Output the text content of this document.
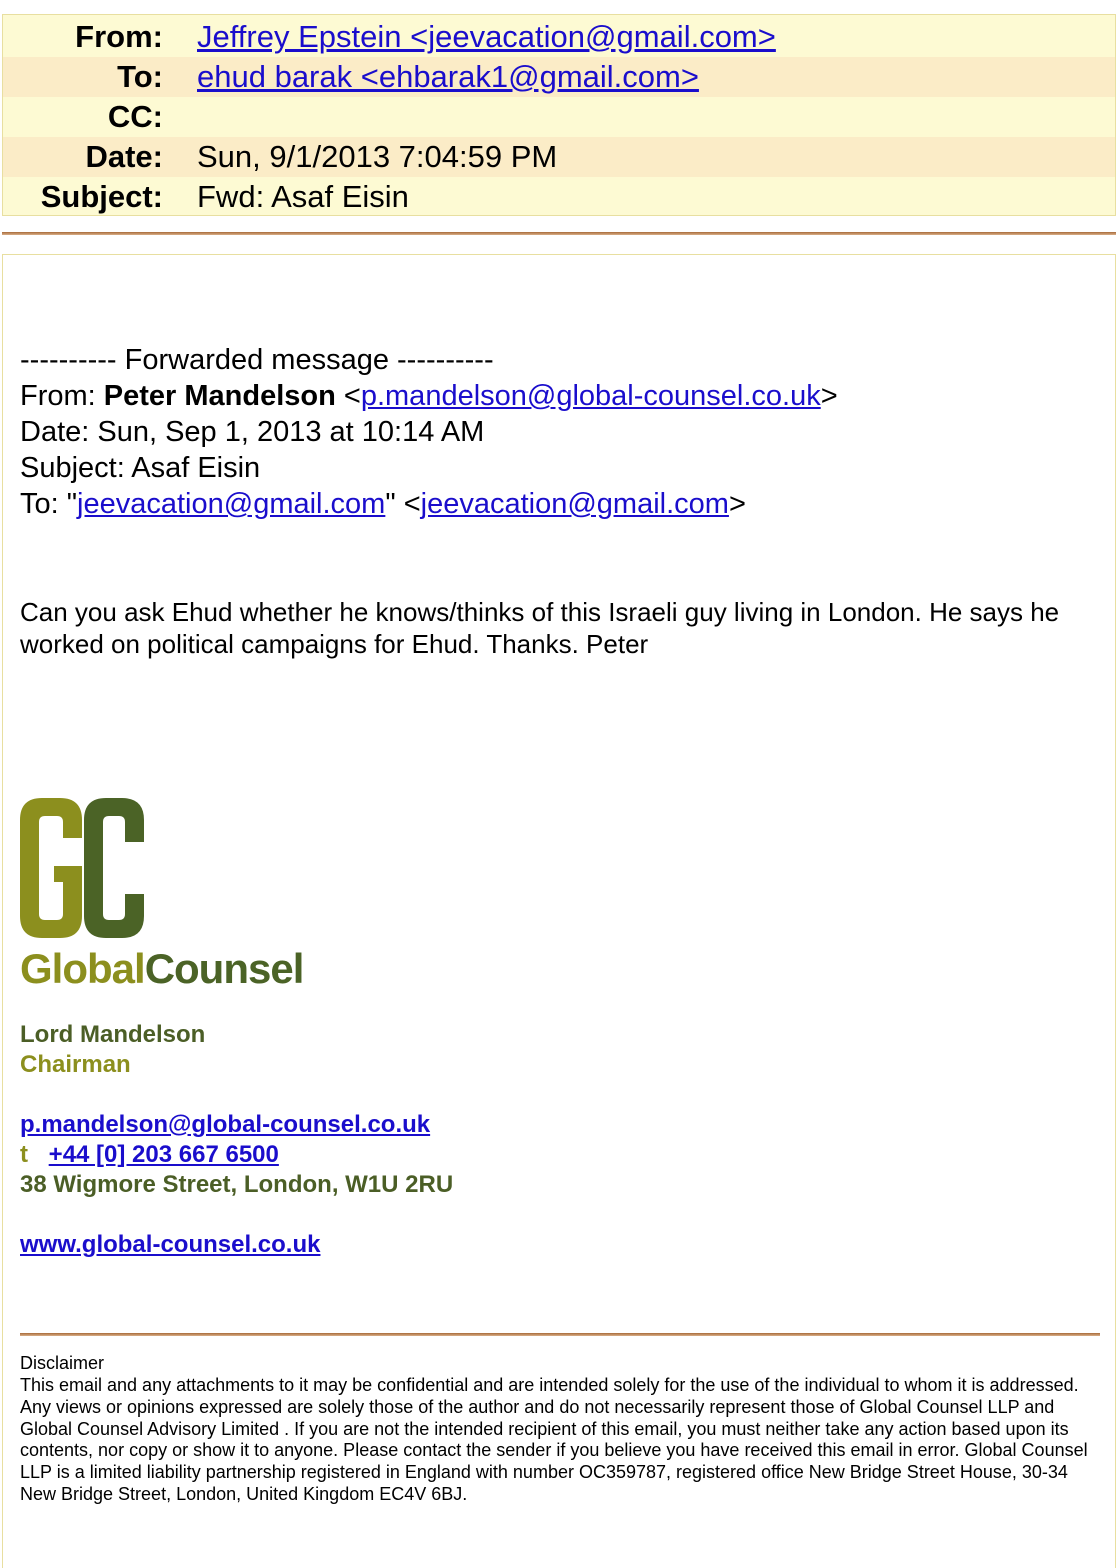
From: Jeffrey Epstein <jeevacation@gmail.com>
To: ehud barak <ehbarak1@gmail.com>
CC:
Date: Sun, 9/1/2013 7:04:59 PM
Subject: Fwd: Asaf Eisin
---------- Forwarded message ----------
From: Peter Mandelson <p.mandelson@global-counsel.co.uk>
Date: Sun, Sep 1, 2013 at 10:14 AM
Subject: Asaf Eisin
To: "jeevacation@gmail.com" <jeevacation@gmail.com>
Can you ask Ehud whether he knows/thinks of this Israeli guy living in London. He says he worked on political campaigns for Ehud. Thanks. Peter
GlobalCounsel
Lord Mandelson
Chairman
p.mandelson@global-counsel.co.uk
t +44 [0] 203 667 6500
38 Wigmore Street, London, W1U 2RU
www.global-counsel.co.uk
Disclaimer
This email and any attachments to it may be confidential and are intended solely for the use of the individual to whom it is addressed. Any views or opinions expressed are solely those of the author and do not necessarily represent those of Global Counsel LLP and Global Counsel Advisory Limited . If you are not the intended recipient of this email, you must neither take any action based upon its contents, nor copy or show it to anyone. Please contact the sender if you believe you have received this email in error. Global Counsel LLP is a limited liability partnership registered in England with number OC359787, registered office New Bridge Street House, 30-34 New Bridge Street, London, United Kingdom EC4V 6BJ.
